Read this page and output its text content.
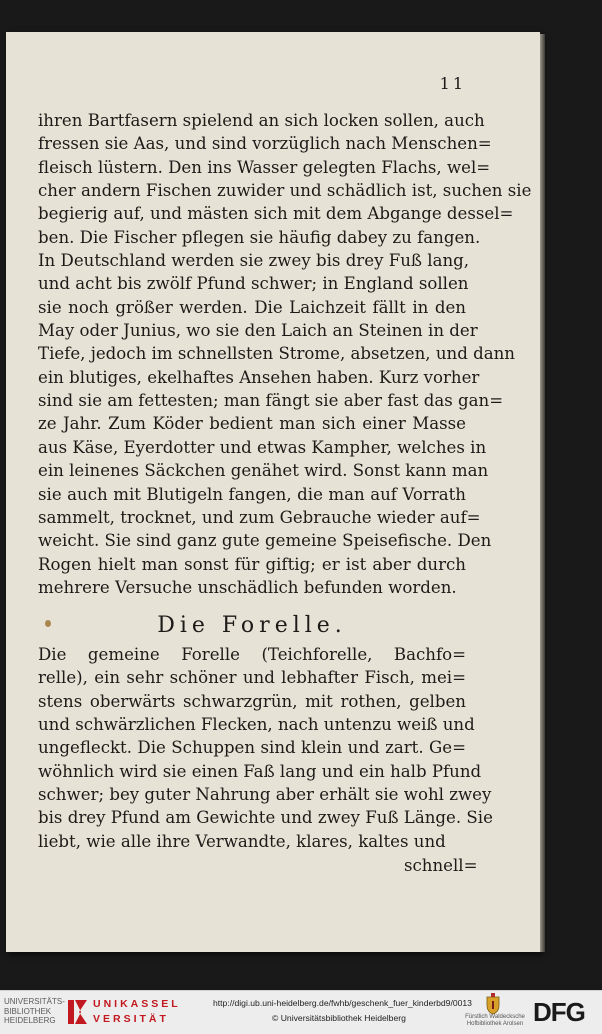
11
ihren Bartfasern spielend an sich locken sollen, auch
fressen sie Aas, und sind vorzüglich nach Menschen=
fleisch lüstern. Den ins Wasser gelegten Flachs, wel=
cher andern Fischen zuwider und schädlich ist, suchen sie
begierig auf, und mästen sich mit dem Abgange dessel=
ben. Die Fischer pflegen sie häufig dabey zu fangen.
In Deutschland werden sie zwey bis drey Fuß lang,
und acht bis zwölf Pfund schwer; in England sollen
sie noch größer werden. Die Laichzeit fällt in den
May oder Junius, wo sie den Laich an Steinen in der
Tiefe, jedoch im schnellsten Strome, absetzen, und dann
ein blutiges, ekelhaftes Ansehen haben. Kurz vorher
sind sie am fettesten; man fängt sie aber fast das gan=
ze Jahr. Zum Köder bedient man sich einer Masse
aus Käse, Eyerdotter und etwas Kampher, welches in
ein leinenes Säckchen genähet wird. Sonst kann man
sie auch mit Blutigeln fangen, die man auf Vorrath
sammelt, trocknet, und zum Gebrauche wieder auf=
weicht. Sie sind ganz gute gemeine Speisefische. Den
Rogen hielt man sonst für giftig; er ist aber durch
mehrere Versuche unschädlich befunden worden.
Die Forelle.
Die gemeine Forelle (Teichforelle, Bachfo=
relle), ein sehr schöner und lebhafter Fisch, mei=
stens oberwärts schwarzgrün, mit rothen, gelben
und schwärzlichen Flecken, nach untenzu weiß und
ungefleckt. Die Schuppen sind klein und zart. Ge=
wöhnlich wird sie einen Faß lang und ein halb Pfund
schwer; bey guter Nahrung aber erhält sie wohl zwey
bis drey Pfund am Gewichte und zwey Fuß Länge. Sie
liebt, wie alle ihre Verwandte, klares, kaltes und
schnell=
UNIVERSITÄTS-
BIBLIOTHEK
HEIDELBERG
UNIKASSEL
VERSITÄT
http://digi.ub.uni-heidelberg.de/fwhb/geschenk_fuer_kinderbd9/0013
© Universitätsbibliothek Heidelberg	Fürstlich Waldecksche
Hofbibliothek Arolsen DFG
